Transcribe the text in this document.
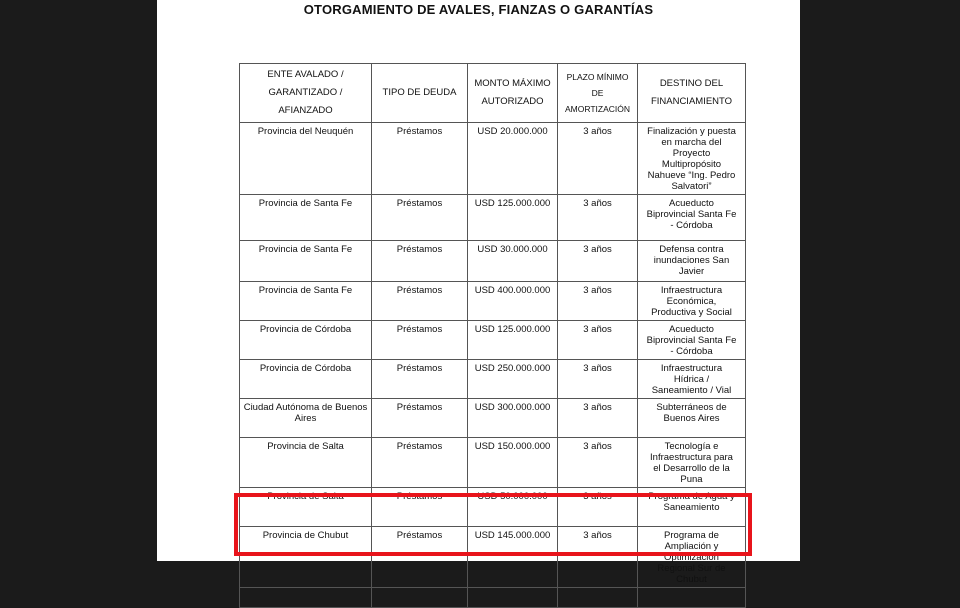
OTORGAMIENTO DE AVALES, FIANZAS O GARANTÍAS
ENTE AVALADO / GARANTIZADO / AFIANZADO	TIPO DE DEUDA	MONTO MÁXIMO AUTORIZADO	PLAZO MÍNIMO DE AMORTIZACIÓN	DESTINO DEL FINANCIAMIENTO
Provincia del Neuquén	Préstamos	USD 20.000.000	3 años	Finalización y puesta en marcha del Proyecto Multipropósito Nahueve “Ing. Pedro Salvatori”
Provincia de Santa Fe	Préstamos	USD 125.000.000	3 años	Acueducto Biprovincial Santa Fe - Córdoba
Provincia de Santa Fe	Préstamos	USD 30.000.000	3 años	Defensa contra inundaciones San Javier
Provincia de Santa Fe	Préstamos	USD 400.000.000	3 años	Infraestructura Económica, Productiva y Social
Provincia de Córdoba	Préstamos	USD 125.000.000	3 años	Acueducto Biprovincial Santa Fe - Córdoba
Provincia de Córdoba	Préstamos	USD 250.000.000	3 años	Infraestructura Hídrica / Saneamiento / Vial
Ciudad Autónoma de Buenos Aires	Préstamos	USD 300.000.000	3 años	Subterráneos de Buenos Aires
Provincia de Salta	Préstamos	USD 150.000.000	3 años	Tecnología e Infraestructura para el Desarrollo de la Puna
Provincia de Salta	Préstamos	USD 50.000.000	3 años	Programa de Agua y Saneamiento
Provincia de Chubut	Préstamos	USD 145.000.000	3 años	Programa de Ampliación y Optimización Regional Sur de Chubut
